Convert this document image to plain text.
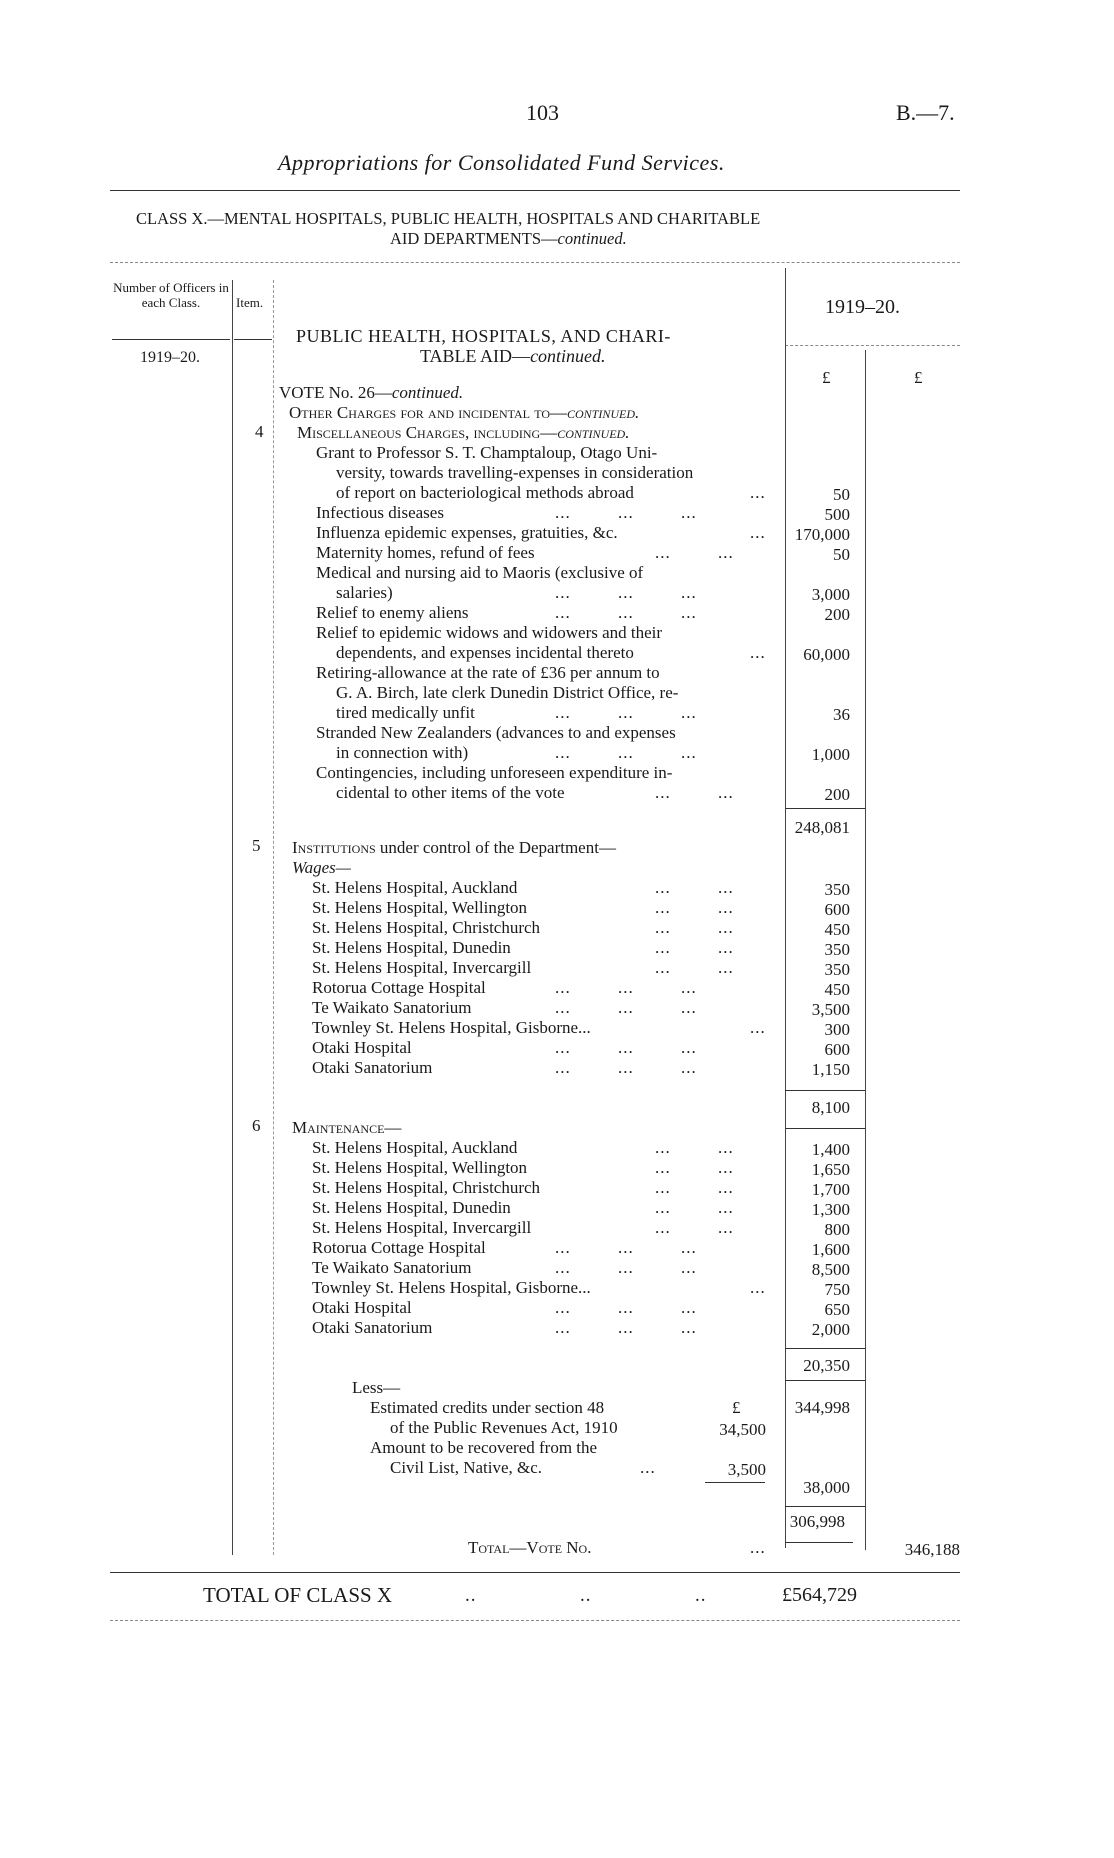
103	B.—7.
Appropriations for Consolidated Fund Services.
CLASS X.—MENTAL HOSPITALS, PUBLIC HEALTH, HOSPITALS AND CHARITABLE
AID DEPARTMENTS—continued.
Number of Officers in each Class.	Item.
1919–20.
1919–20.
£	£
PUBLIC HEALTH, HOSPITALS, AND CHARI-
TABLE AID—continued.
VOTE No. 26—continued.
Other Charges for and incidental to—continued.
4 Miscellaneous Charges, including—continued.
Grant to Professor S. T. Champtaloup, Otago Uni-
versity, towards travelling-expenses in consideration
of report on bacteriological methods abroad	...	50
Infectious diseases	...         ...         ...	500
Influenza epidemic expenses, gratuities, &c.	...	170,000
Maternity homes, refund of fees	...         ...	50
Medical and nursing aid to Maoris (exclusive of
salaries)	...         ...         ...	3,000
Relief to enemy aliens	...         ...         ...	200
Relief to epidemic widows and widowers and their
dependents, and expenses incidental thereto	...	60,000
Retiring-allowance at the rate of £36 per annum to
G. A. Birch, late clerk Dunedin District Office, re-
tired medically unfit	...         ...         ...	36
Stranded New Zealanders (advances to and expenses
in connection with)	...         ...         ...	1,000
Contingencies, including unforeseen expenditure in-
cidental to other items of the vote	...         ...	200
248,081
5 Institutions under control of the Department—
Wages—
St. Helens Hospital, Auckland	...         ...	350
St. Helens Hospital, Wellington	...         ...	600
St. Helens Hospital, Christchurch	...         ...	450
St. Helens Hospital, Dunedin	...         ...	350
St. Helens Hospital, Invercargill	...         ...	350
Rotorua Cottage Hospital	...         ...         ...	450
Te Waikato Sanatorium	...         ...         ...	3,500
Townley St. Helens Hospital, Gisborne...	...	300
Otaki Hospital	...         ...         ...	600
Otaki Sanatorium	...         ...         ...	1,150
8,100
6 Maintenance—
St. Helens Hospital, Auckland	...         ...	1,400
St. Helens Hospital, Wellington	...         ...	1,650
St. Helens Hospital, Christchurch	...         ...	1,700
St. Helens Hospital, Dunedin	...         ...	1,300
St. Helens Hospital, Invercargill	...         ...	800
Rotorua Cottage Hospital	...         ...         ...	1,600
Te Waikato Sanatorium	...         ...         ...	8,500
Townley St. Helens Hospital, Gisborne...	...	750
Otaki Hospital	...         ...         ...	650
Otaki Sanatorium	...         ...         ...	2,000
20,350
Less—
Estimated credits under section 48	£	344,998
of the Public Revenues Act, 1910	34,500
Amount to be recovered from the
Civil List, Native, &c.	...	3,500
38,000
306,998
Total—Vote No.	...	346,188
TOTAL OF CLASS X	..                  ..                  ..	£564,729
